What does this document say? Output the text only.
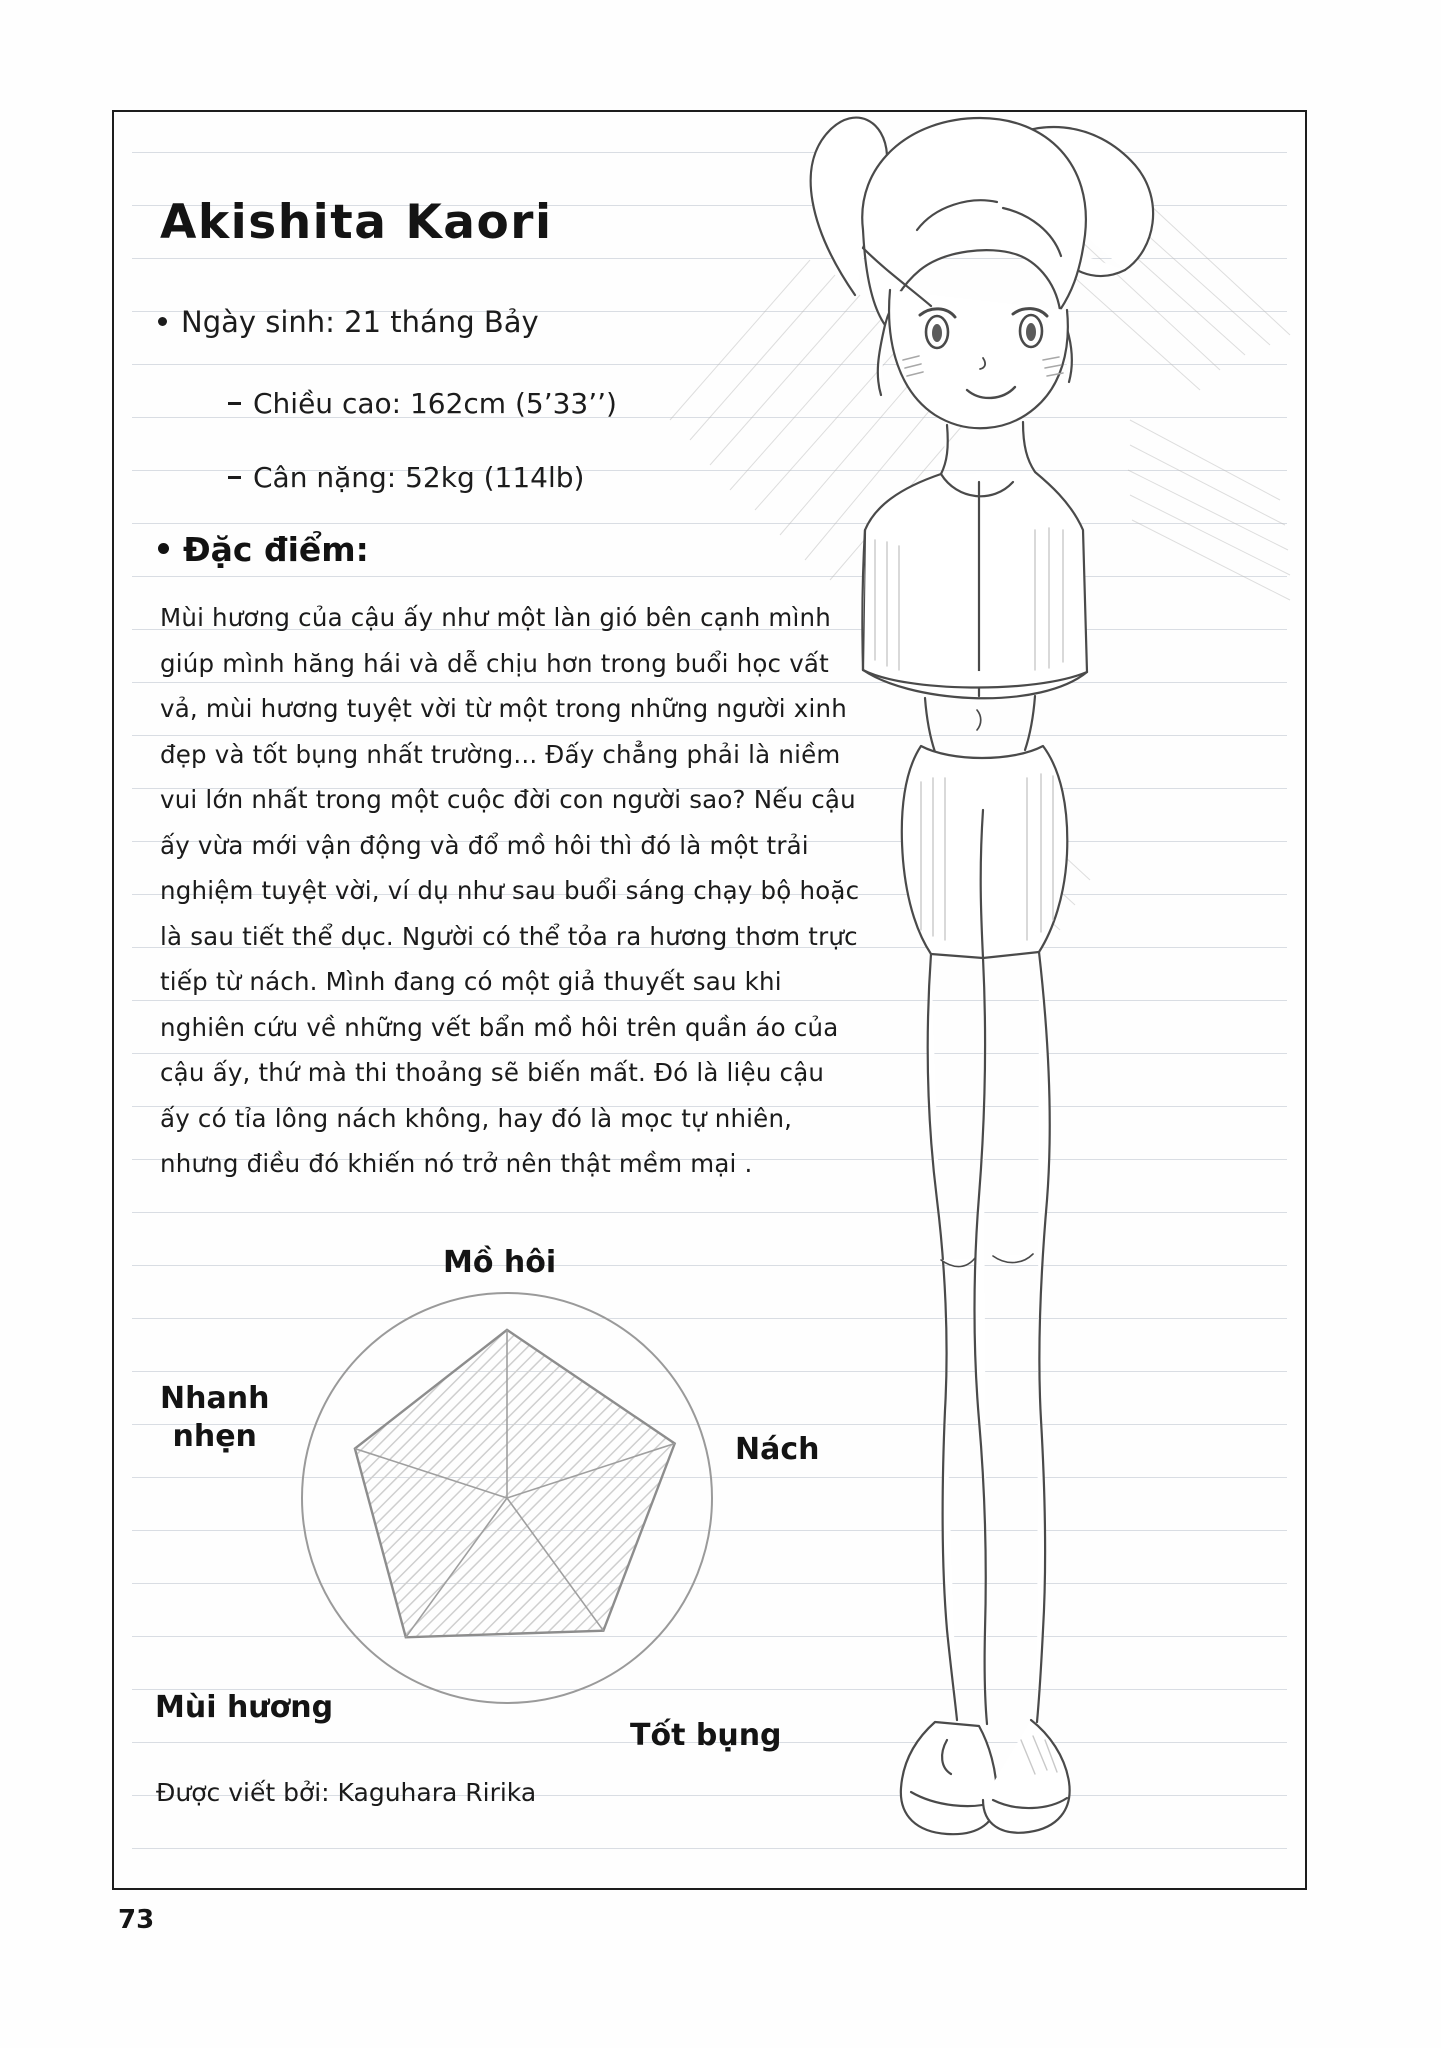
Akishita Kaori
Ngày sinh: 21 tháng Bảy
Chiều cao: 162cm (5’33’’)
Cân nặng: 52kg (114lb)
Đặc điểm:
Mùi hương của cậu ấy như một làn gió bên cạnh mình giúp mình hăng hái và dễ chịu hơn trong buổi học vất vả, mùi hương tuyệt vời từ một trong những người xinh đẹp và tốt bụng nhất trường... Đấy chẳng phải là niềm vui lớn nhất trong một cuộc đời con người sao? Nếu cậu ấy vừa mới vận động và đổ mồ hôi thì đó là một trải nghiệm tuyệt vời, ví dụ như sau buổi sáng chạy bộ hoặc là sau tiết thể dục. Người có thể tỏa ra hương thơm trực tiếp từ nách. Mình đang có một giả thuyết sau khi nghiên cứu về những vết bẩn mồ hôi trên quần áo của cậu ấy, thứ mà thi thoảng sẽ biến mất. Đó là liệu cậu ấy có tỉa lông nách không, hay đó là mọc tự nhiên, nhưng điều đó khiến nó trở nên thật mềm mại .
Mồ hôi
Nhanh
nhẹn	Nách
Mùi hương
Tốt bụng
Được viết bởi: Kaguhara Ririka
73
